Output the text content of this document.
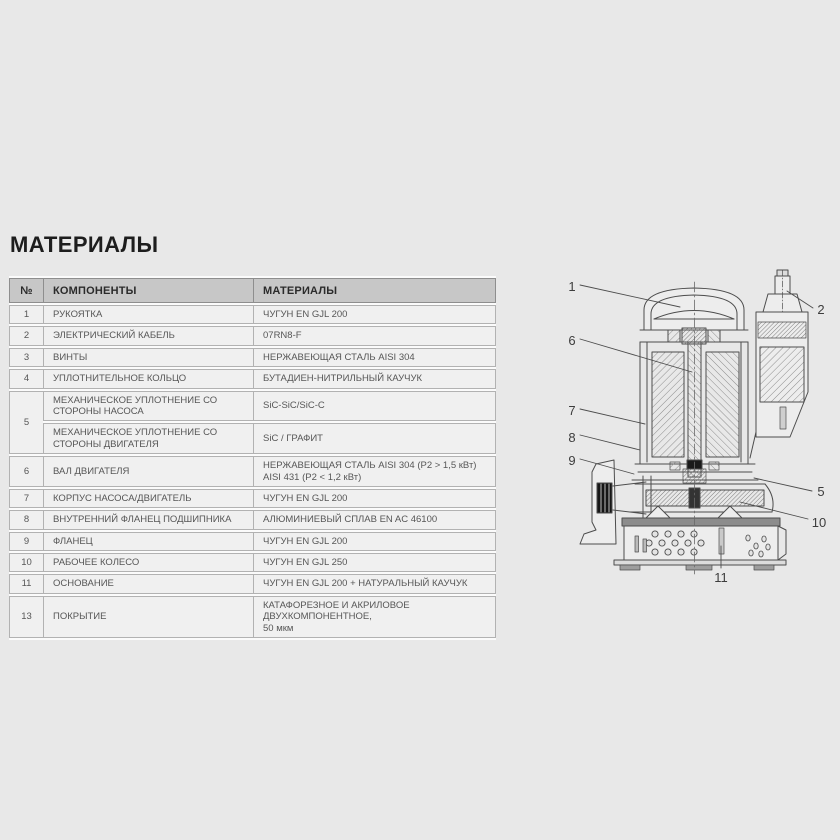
МАТЕРИАЛЫ
№	КОМПОНЕНТЫ	МАТЕРИАЛЫ
1	РУКОЯТКА	ЧУГУН EN GJL 200
2	ЭЛЕКТРИЧЕСКИЙ КАБЕЛЬ	07RN8-F
3	ВИНТЫ	НЕРЖАВЕЮЩАЯ СТАЛЬ AISI 304
4	УПЛОТНИТЕЛЬНОЕ КОЛЬЦО	БУТАДИЕН-НИТРИЛЬНЫЙ КАУЧУК
5	МЕХАНИЧЕСКОЕ УПЛОТНЕНИЕ СО СТОРОНЫ НАСОСА	SiC-SiC/SiC-C
	МЕХАНИЧЕСКОЕ УПЛОТНЕНИЕ СО СТОРОНЫ ДВИГАТЕЛЯ	SiC / ГРАФИТ
6	ВАЛ ДВИГАТЕЛЯ	НЕРЖАВЕЮЩАЯ СТАЛЬ AISI 304 (P2 > 1,5 кВт)
AISI 431 (P2 < 1,2 кВт)

7	КОРПУС НАСОСА/ДВИГАТЕЛЬ	ЧУГУН EN GJL 200
8	ВНУТРЕННИЙ ФЛАНЕЦ ПОДШИПНИКА	АЛЮМИНИЕВЫЙ СПЛАВ EN AC 46100
9	ФЛАНЕЦ	ЧУГУН EN GJL 200
10	РАБОЧЕЕ КОЛЕСО	ЧУГУН EN GJL 250
11	ОСНОВАНИЕ	ЧУГУН EN GJL 200 + НАТУРАЛЬНЫЙ КАУЧУК
13	ПОКРЫТИЕ	КАТАФОРЕЗНОЕ И АКРИЛОВОЕ ДВУХКОМПОНЕНТНОЕ,
50 мкм
1
2
6
7
8
9
5
10
11
